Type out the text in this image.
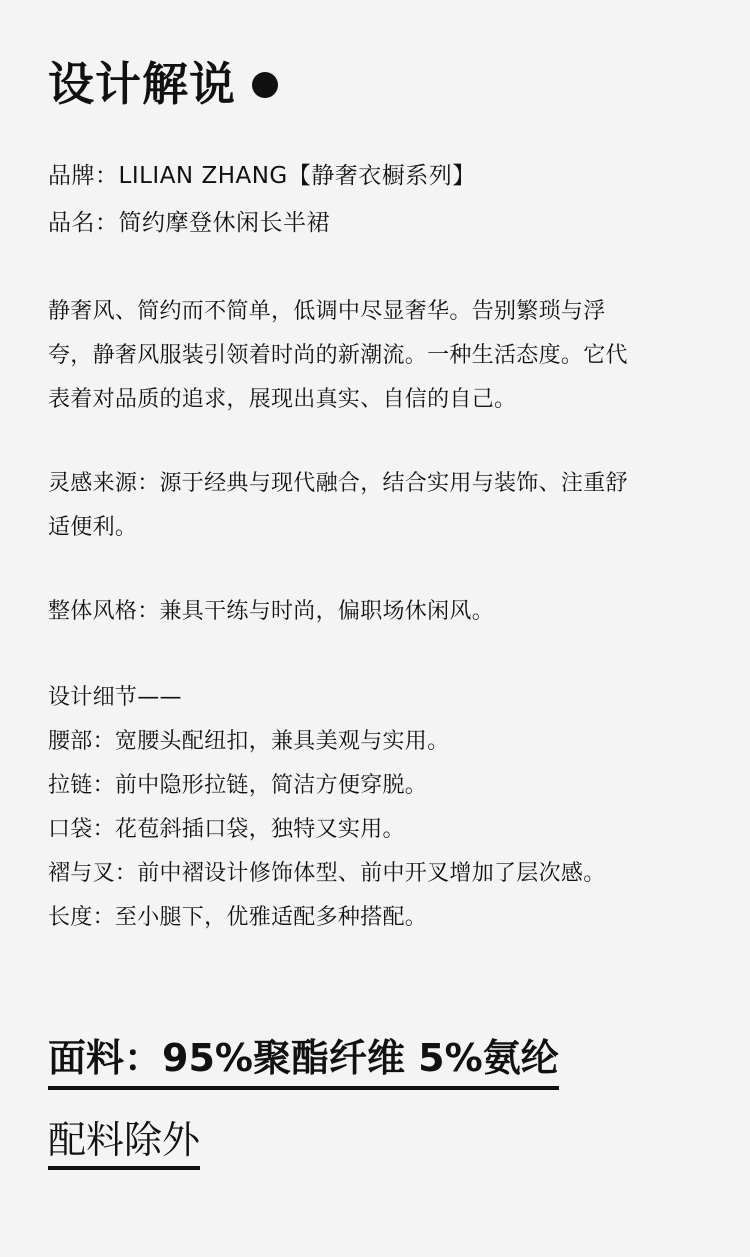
设计解说
品牌：LILIAN ZHANG【静奢衣橱系列】
品名：简约摩登休闲长半裙
静奢风、简约而不简单，低调中尽显奢华。告别繁琐与浮
夸，静奢风服装引领着时尚的新潮流。一种生活态度。它代
表着对品质的追求，展现出真实、自信的自己。
灵感来源：源于经典与现代融合，结合实用与装饰、注重舒
适便利。
整体风格：兼具干练与时尚，偏职场休闲风。
设计细节——
腰部：宽腰头配纽扣，兼具美观与实用。
拉链：前中隐形拉链，简洁方便穿脱。
口袋：花苞斜插口袋，独特又实用。
褶与叉：前中褶设计修饰体型、前中开叉增加了层次感。
长度：至小腿下，优雅适配多种搭配。
面料：95%聚酯纤维 5%氨纶
配料除外
